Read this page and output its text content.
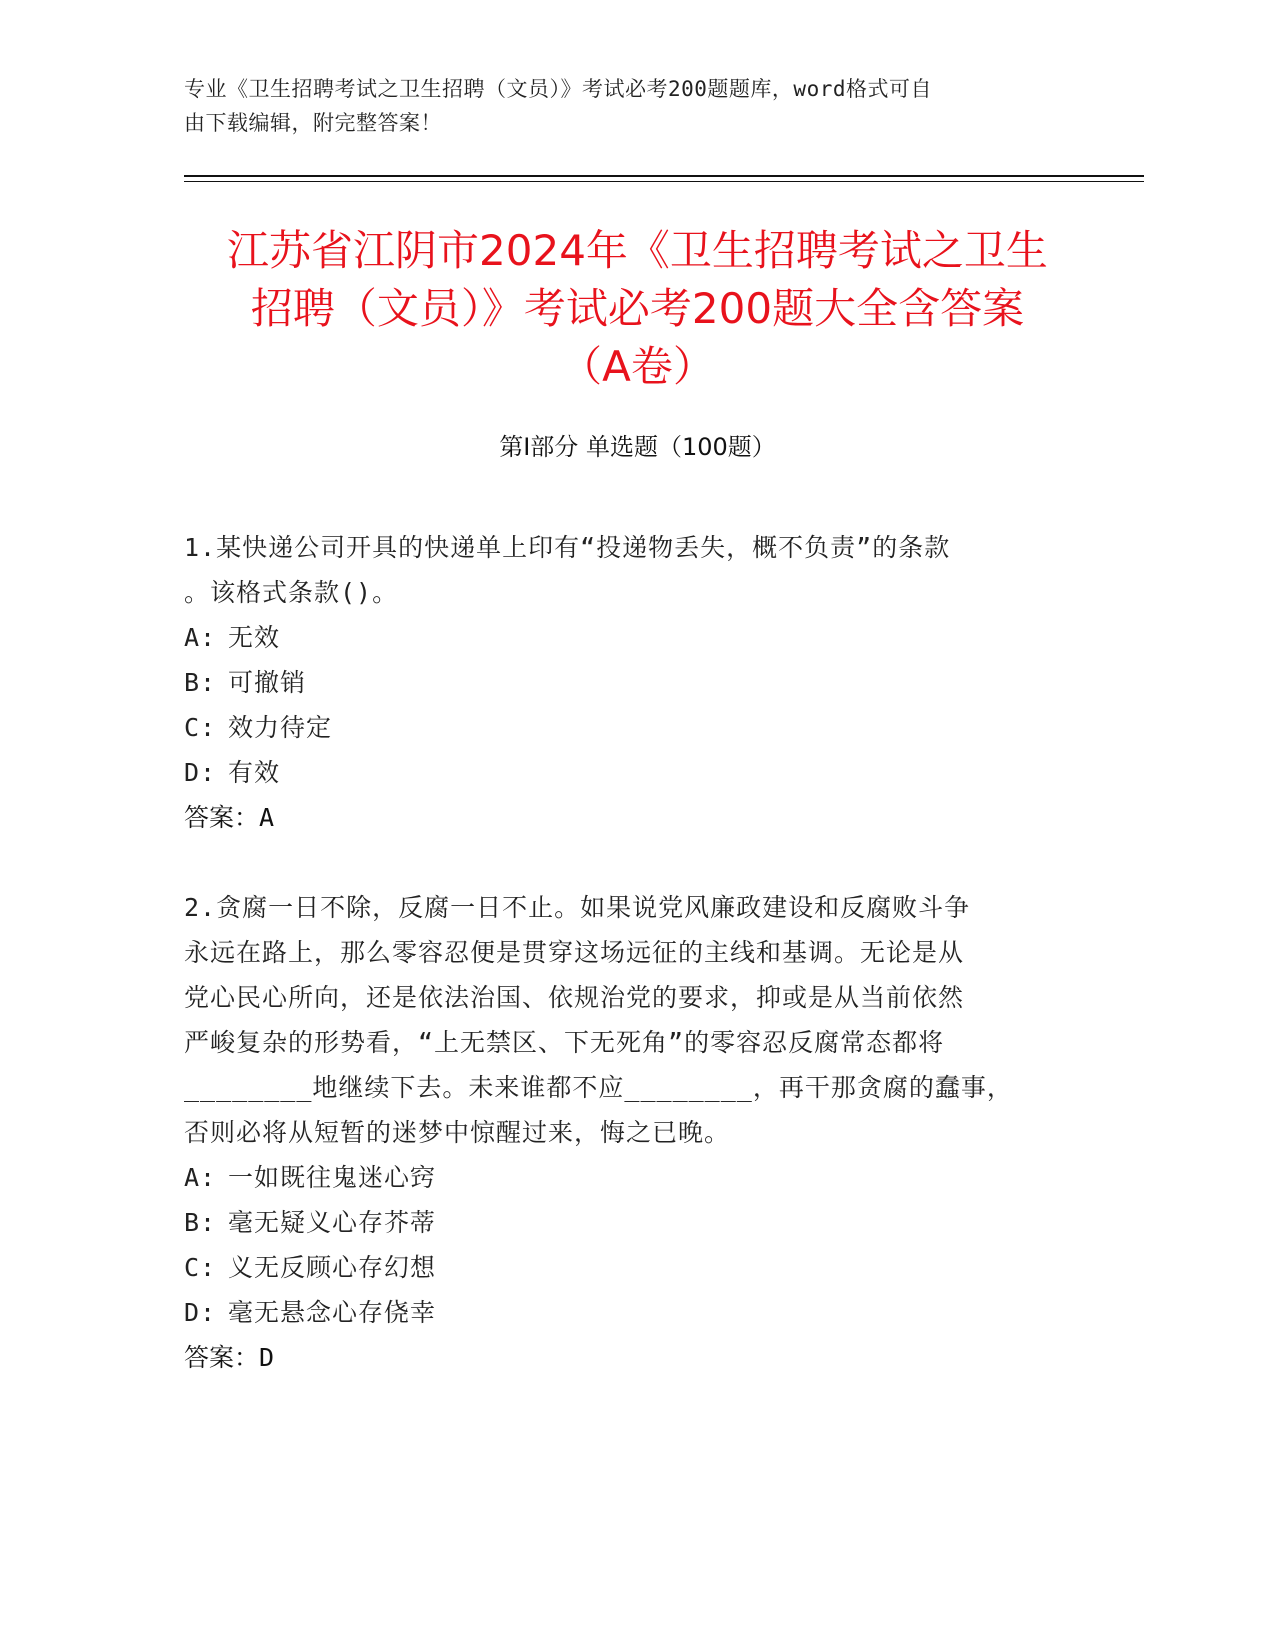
专业《卫生招聘考试之卫生招聘（文员）》考试必考200题题库，word格式可自
由下载编辑，附完整答案！
江苏省江阴市2024年《卫生招聘考试之卫生
招聘（文员）》考试必考200题大全含答案
（A卷）
第Ⅰ部分 单选题（100题）
1.某快递公司开具的快递单上印有“投递物丢失，概不负责”的条款
。该格式条款()。
A: 无效
B: 可撤销
C: 效力待定
D: 有效
答案：A
2.贪腐一日不除，反腐一日不止。如果说党风廉政建设和反腐败斗争
永远在路上，那么零容忍便是贯穿这场远征的主线和基调。无论是从
党心民心所向，还是依法治国、依规治党的要求，抑或是从当前依然
严峻复杂的形势看，“上无禁区、下无死角”的零容忍反腐常态都将
________地继续下去。未来谁都不应________，再干那贪腐的蠢事，
否则必将从短暂的迷梦中惊醒过来，悔之已晚。
A: 一如既往鬼迷心窍
B: 毫无疑义心存芥蒂
C: 义无反顾心存幻想
D: 毫无悬念心存侥幸
答案：D
